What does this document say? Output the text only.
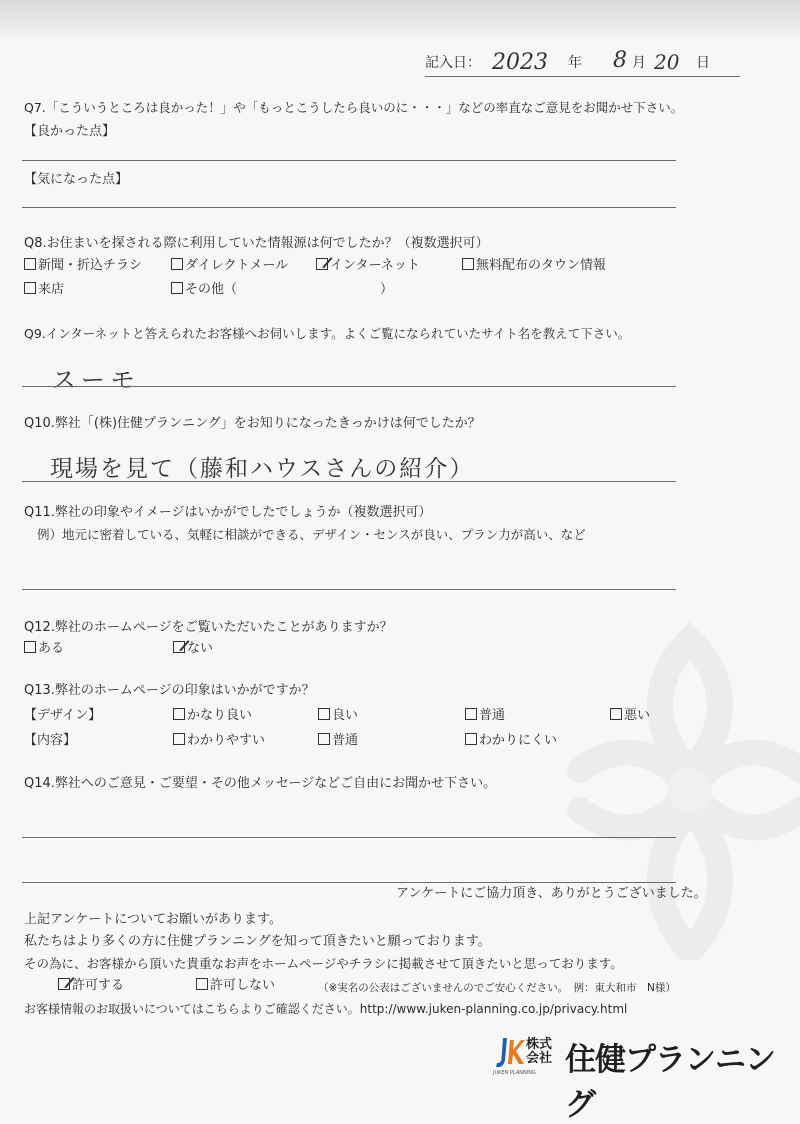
記入日： 2023 年 8 月 20 日
Q7.「こういうところは良かった！」や「もっとこうしたら良いのに・・・」などの率直なご意見をお聞かせ下さい。
【良かった点】
【気になった点】
Q8.お住まいを探される際に利用していた情報源は何でしたか？（複数選択可）
新聞・折込チラシ	ダイレクトメール	インターネット	無料配布のタウン情報
来店	その他（	）
Q9.インターネットと答えられたお客様へお伺いします。よくご覧になられていたサイト名を教えて下さい。
スーモ
Q10.弊社「(株)住健プランニング」をお知りになったきっかけは何でしたか？
現場を見て（藤和ハウスさんの紹介）
Q11.弊社の印象やイメージはいかがでしたでしょうか（複数選択可）
例）地元に密着している、気軽に相談ができる、デザイン・センスが良い、プラン力が高い、など
Q12.弊社のホームページをご覧いただいたことがありますか？
ある	ない
Q13.弊社のホームページの印象はいかがですか？
【デザイン】	かなり良い	良い	普通	悪い
【内容】	わかりやすい	普通	わかりにくい
Q14.弊社へのご意見・ご要望・その他メッセージなどご自由にお聞かせ下さい。
アンケートにご協力頂き、ありがとうございました。
上記アンケートについてお願いがあります。
私たちはより多くの方に住健プランニングを知って頂きたいと願っております。
その為に、お客様から頂いた貴重なお声をホームページやチラシに掲載させて頂きたいと思っております。
許可する	許可しない	（※実名の公表はございませんのでご安心ください。　例：東大和市　N様）
お客様情報のお取扱いについてはこちらよりご確認ください。http://www.juken-planning.co.jp/privacy.html
JUKEN PLANNING
株式会社 住健プランニング
